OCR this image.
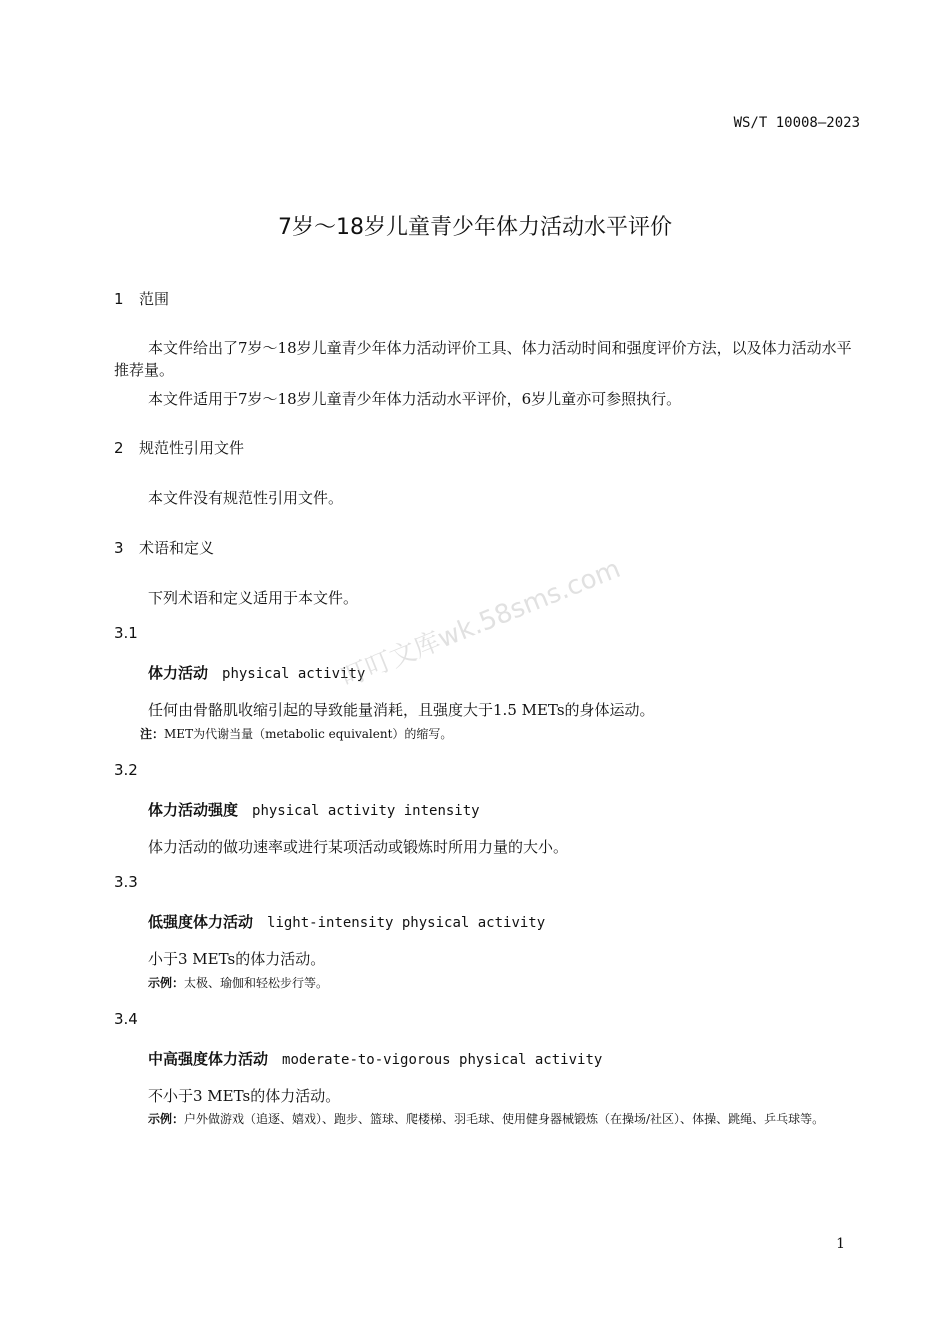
WS/T 10008—2023
7岁～18岁儿童青少年体力活动水平评价
1 范围
本文件给出了7岁～18岁儿童青少年体力活动评价工具、体力活动时间和强度评价方法，以及体力活动水平推荐量。
本文件适用于7岁～18岁儿童青少年体力活动水平评价，6岁儿童亦可参照执行。
2 规范性引用文件
本文件没有规范性引用文件。
3 术语和定义
下列术语和定义适用于本文件。
3.1
体力活动 physical activity
任何由骨骼肌收缩引起的导致能量消耗，且强度大于1.5 METs的身体运动。
注：MET为代谢当量（metabolic equivalent）的缩写。
3.2
体力活动强度 physical activity intensity
体力活动的做功速率或进行某项活动或锻炼时所用力量的大小。
3.3
低强度体力活动 light-intensity physical activity
小于3 METs的体力活动。
示例：太极、瑜伽和轻松步行等。
3.4
中高强度体力活动 moderate-to-vigorous physical activity
不小于3 METs的体力活动。
示例：户外做游戏（追逐、嬉戏）、跑步、篮球、爬楼梯、羽毛球、使用健身器械锻炼（在操场/社区）、体操、跳绳、乒乓球等。
叮叮文库wk.58sms.com
1
